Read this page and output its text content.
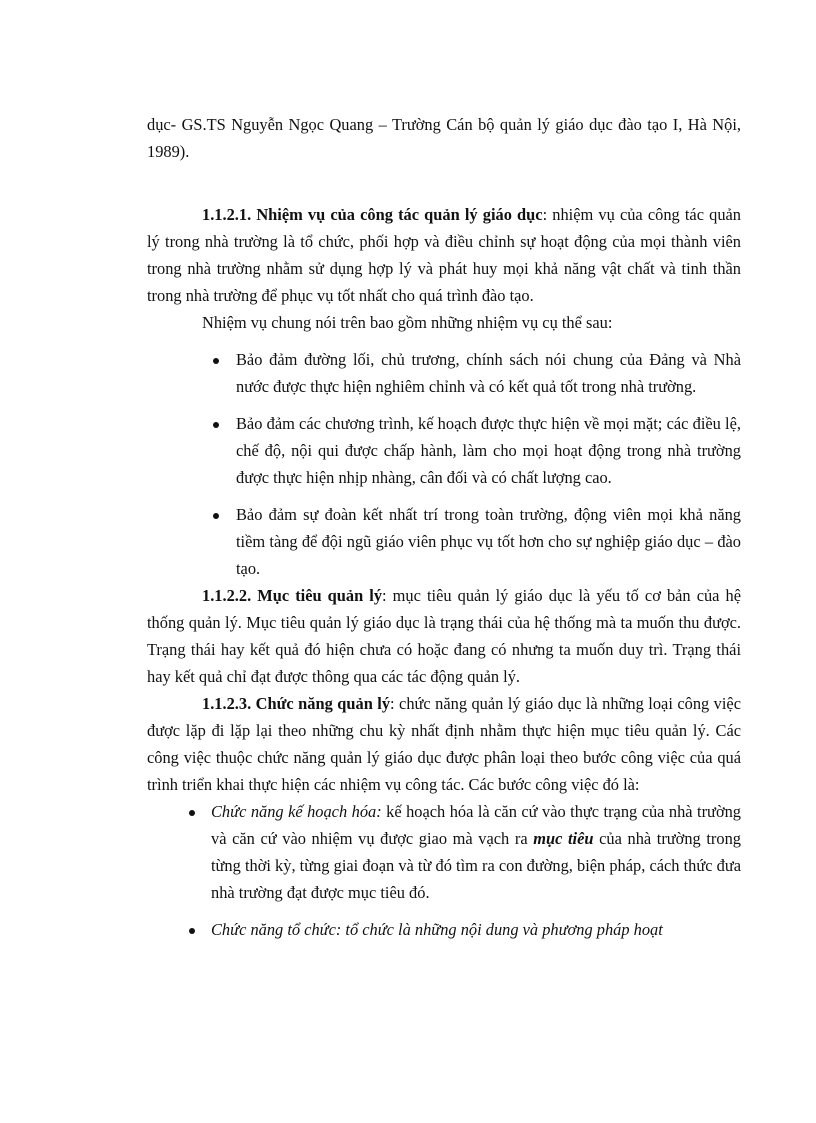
dục- GS.TS Nguyễn Ngọc Quang – Trường Cán bộ quản lý giáo dục đào tạo I, Hà Nội, 1989).

1.1.2.1. Nhiệm vụ của công tác quản lý giáo dục: nhiệm vụ của công tác quản lý trong nhà trường là tổ chức, phối hợp và điều chỉnh sự hoạt động của mọi thành viên trong nhà trường nhằm sử dụng hợp lý và phát huy mọi khả năng vật chất và tinh thần trong nhà trường để phục vụ tốt nhất cho quá trình đào tạo.

Nhiệm vụ chung nói trên bao gồm những nhiệm vụ cụ thể sau:

Bảo đảm đường lối, chủ trương, chính sách nói chung của Đảng và Nhà nước được thực hiện nghiêm chỉnh và có kết quả tốt trong nhà trường.
Bảo đảm các chương trình, kế hoạch được thực hiện về mọi mặt; các điều lệ, chế độ, nội qui được chấp hành, làm cho mọi hoạt động trong nhà trường được thực hiện nhịp nhàng, cân đối và có chất lượng cao.
Bảo đảm sự đoàn kết nhất trí trong toàn trường, động viên mọi khả năng tiềm tàng để đội ngũ giáo viên phục vụ tốt hơn cho sự nghiệp giáo dục – đào tạo.

1.1.2.2. Mục tiêu quản lý: mục tiêu quản lý giáo dục là yếu tố cơ bản của hệ thống quản lý. Mục tiêu quản lý giáo dục là trạng thái của hệ thống mà ta muốn thu được. Trạng thái hay kết quả đó hiện chưa có hoặc đang có nhưng ta muốn duy trì. Trạng thái hay kết quả chỉ đạt được thông qua các tác động quản lý.

1.1.2.3. Chức năng quản lý: chức năng quản lý giáo dục là những loại công việc được lặp đi lặp lại theo những chu kỳ nhất định nhằm thực hiện mục tiêu quản lý. Các công việc thuộc chức năng quản lý giáo dục được phân loại theo bước công việc của quá trình triển khai thực hiện các nhiệm vụ công tác. Các bước công việc đó là:

Chức năng kế hoạch hóa: kế hoạch hóa là căn cứ vào thực trạng của nhà trường và căn cứ vào nhiệm vụ được giao mà vạch ra mục tiêu của nhà trường trong từng thời kỳ, từng giai đoạn và từ đó tìm ra con đường, biện pháp, cách thức đưa nhà trường đạt được mục tiêu đó.
Chức năng tổ chức: tổ chức là những nội dung và phương pháp hoạt
